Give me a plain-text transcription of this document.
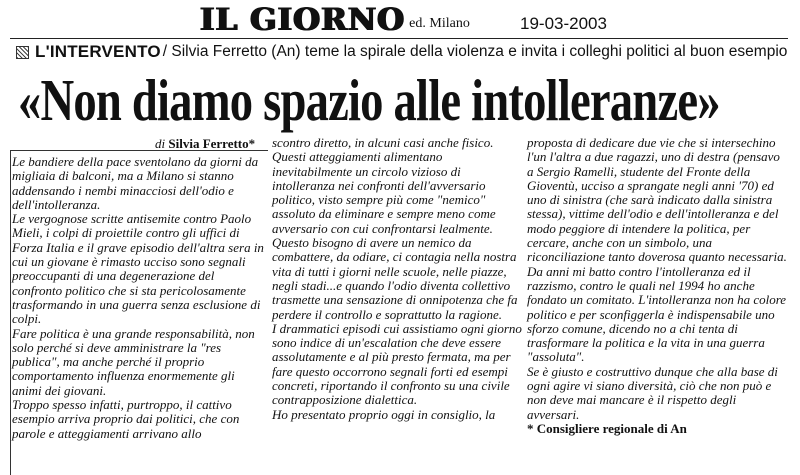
IL GIORNO ed. Milano	19-03-2003
L'INTERVENTO / Silvia Ferretto (An) teme la spirale della violenza e invita i colleghi politici al buon esempio
«Non diamo spazio alle intolleranze»
di Silvia Ferretto*

Le bandiere della pace sventolano da giorni da migliaia di balconi, ma a Milano si stanno addensando i nembi minacciosi dell'odio e dell'intolleranza.

Le vergognose scritte antisemite contro Paolo Mieli, i colpi di proiettile contro gli uffici di Forza Italia e il grave episodio dell'altra sera in cui un giovane è rimasto ucciso sono segnali preoccupanti di una degenerazione del confronto politico che si sta pericolosamente trasformando in una guerra senza esclusione di colpi.

Fare politica è una grande responsabilità, non solo perché si deve amministrare la "res publica", ma anche perché il proprio comportamento influenza enormemente gli animi dei giovani.

Troppo spesso infatti, purtroppo, il cattivo esempio arriva proprio dai politici, che con parole e atteggiamenti arrivano allo

scontro diretto, in alcuni casi anche fisico. Questi atteggiamenti alimentano inevitabilmente un circolo vizioso di intolleranza nei confronti dell'avversario politico, visto sempre più come "nemico" assoluto da eliminare e sempre meno come avversario con cui confrontarsi lealmente. Questo bisogno di avere un nemico da combattere, da odiare, ci contagia nella nostra vita di tutti i giorni nelle scuole, nelle piazze, negli stadi...e quando l'odio diventa collettivo trasmette una sensazione di onnipotenza che fa perdere il controllo e soprattutto la ragione.

I drammatici episodi cui assistiamo ogni giorno sono indice di un'escalation che deve essere assolutamente e al più presto fermata, ma per fare questo occorrono segnali forti ed esempi concreti, riportando il confronto su una civile contrapposizione dialettica.

Ho presentato proprio oggi in consiglio, la

proposta di dedicare due vie che si intersechino l'un l'altra a due ragazzi, uno di destra (pensavo a Sergio Ramelli, studente del Fronte della Gioventù, ucciso a sprangate negli anni '70) ed uno di sinistra (che sarà indicato dalla sinistra stessa), vittime dell'odio e dell'intolleranza e del modo peggiore di intendere la politica, per cercare, anche con un simbolo, una riconciliazione tanto doverosa quanto necessaria.

Da anni mi batto contro l'intolleranza ed il razzismo, contro le quali nel 1994 ho anche fondato un comitato. L'intolleranza non ha colore politico e per sconfiggerla è indispensabile uno sforzo comune, dicendo no a chi tenta di trasformare la politica e la vita in una guerra "assoluta".

Se è giusto e costruttivo dunque che alla base di ogni agire vi siano diversità, ciò che non può e non deve mai mancare è il rispetto degli avversari.

* Consigliere regionale di An
